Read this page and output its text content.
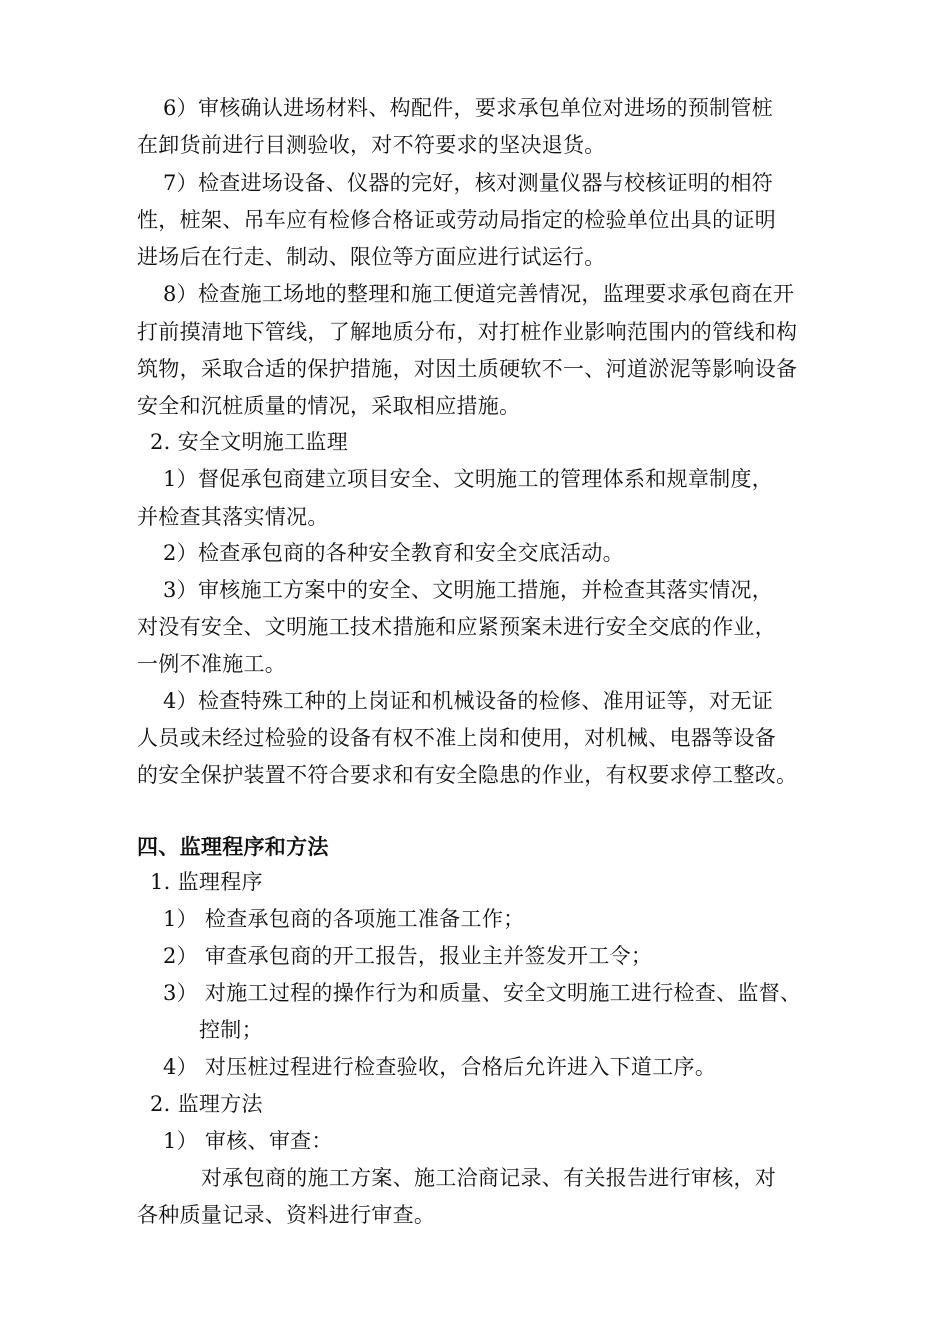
6）审核确认进场材料、构配件，要求承包单位对进场的预制管桩
在卸货前进行目测验收，对不符要求的坚决退货。
7）检查进场设备、仪器的完好，核对测量仪器与校核证明的相符
性，桩架、吊车应有检修合格证或劳动局指定的检验单位出具的证明
进场后在行走、制动、限位等方面应进行试运行。
8）检查施工场地的整理和施工便道完善情况，监理要求承包商在开
打前摸清地下管线，了解地质分布，对打桩作业影响范围内的管线和构
筑物，采取合适的保护措施，对因土质硬软不一、河道淤泥等影响设备
安全和沉桩质量的情况，采取相应措施。
2. 安全文明施工监理
1）督促承包商建立项目安全、文明施工的管理体系和规章制度，
并检查其落实情况。
2）检查承包商的各种安全教育和安全交底活动。
3）审核施工方案中的安全、文明施工措施，并检查其落实情况，
对没有安全、文明施工技术措施和应紧预案未进行安全交底的作业，
一例不准施工。
4）检查特殊工种的上岗证和机械设备的检修、准用证等，对无证
人员或未经过检验的设备有权不准上岗和使用，对机械、电器等设备
的安全保护装置不符合要求和有安全隐患的作业，有权要求停工整改。
四、监理程序和方法
1. 监理程序
1） 检查承包商的各项施工准备工作；
2） 审查承包商的开工报告，报业主并签发开工令；
3） 对施工过程的操作行为和质量、安全文明施工进行检查、监督、
控制；
4） 对压桩过程进行检查验收，合格后允许进入下道工序。
2. 监理方法
1） 审核、审查：
对承包商的施工方案、施工洽商记录、有关报告进行审核，对
各种质量记录、资料进行审查。
